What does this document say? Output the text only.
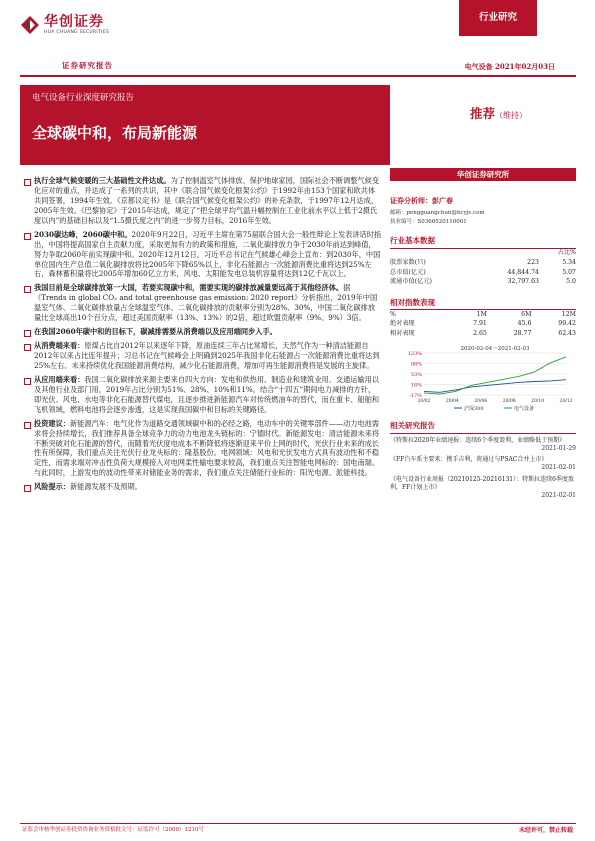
华创证券
HUA CHUANG SECURITIES
证券研究报告
行业研究
电气设备 2021年02月03日
电气设备行业深度研究报告
全球碳中和，布局新能源
推荐（维持）
执行全球气候变暖的三大基础性文件达成。为了控制温室气体排放、保护地球家园，国际社会不断调整气候变化应对的重点，并达成了一系列的共识，其中《联合国气候变化框架公约》于1992年由153个国家和欧共体共同签署，1994年生效。《京都议定书》是《联合国气候变化框架公约》的补充条款，于1997年12月达成，2005年生效。《巴黎协定》于2015年达成，规定了“把全球平均气温升幅控制在工业化前水平以上低于2摄氏度以内”的基础目标以及“1.5摄氏度之内”的进一步努力目标，2016年生效。
2030碳达峰，2060碳中和。2020年9月22日，习近平主席在第75届联合国大会一般性辩论上发表讲话时指出，中国将提高国家自主贡献力度，采取更加有力的政策和措施，二氧化碳排放力争于2030年前达到峰值，努力争取2060年前实现碳中和。2020年12月12日，习近平总书记在气候雄心峰会上宣布：到2030年，中国单位国内生产总值二氧化碳排放将比2005年下降65%以上，非化石能源占一次能源消费比重将达到25%左右，森林蓄积量将比2005年增加60亿立方米，风电、太阳能发电总装机容量将达到12亿千瓦以上。
我国目前是全球碳排放第一大国，若要实现碳中和，需要实现的碳排放减量要远高于其他经济体。据《Trends in global CO₂ and total greenhouse gas emission: 2020 report》分析指出，2019年中国温室气体、二氧化碳排放量占全球温室气体、二氧化碳排放的贡献率分别为28%、30%，中国二氧化碳排放量比全球高出10个百分点，超过美国贡献率（13%、13%）的2倍，超过欧盟贡献率（9%、9%）3倍。
在我国2060年碳中和的目标下，碳减排需要从消费端以及应用端同步入手。
从消费端来看：原煤占比自2012年以来逐年下降，原油连续三年占比常增长，天然气作为一种清洁能源自2012年以来占比连年提升；习总书记在气候峰会上明确到2025年我国非化石能源占一次能源消费比重将达到25%左右。未来持续优化我国能源消费结构，减少化石能源消费，增加可再生能源消费将是发展的主旋律。
从应用端来看：我国二氧化碳排放来源主要来自四大方向：发电和供热用、制造业和建筑业用、交通运输用以及其他行业及部门用，2019年占比分别为51%、28%、10%和11%。结合“十四五”期间电力减排的方针，即光伏、风电、水电等非化石能源替代煤电，且逐步推进新能源汽车对传统燃油车的替代，而在重卡、船舶和飞机领域，燃料电池将会逐步渗透，这是实现我国碳中和目标的关键路径。
投资建议：新能源汽车：电气化作为道路交通领域碳中和的必经之路，电动车中的关键零部件——动力电池需求将会持续增长，我们推荐具备全球竞争力的动力电池龙头链标的：宁德时代。新能源发电：清洁能源未来将不断突破对化石能源的替代，而随着光伏度电成本不断降低将逐渐迎来平价上网的时代，光伏行业未来的成长性有所保障，我们重点关注光伏行业龙头标的：隆基股份。电网领域：风电和光伏发电方式具有波动性和不稳定性，而需求端对冲击性负荷大规模接入对电网柔性输电要求较高，我们重点关注智能电网标的：国电南瑞。与此同时，上游发电的波动性带来对储能业务的需求，我们重点关注储能行业标的：阳光电源、派能科技。
风险提示：新能源发展不及预期。
华创证券研究所
证券分析师：彭广春
邮箱：pengguangchun@hcyjs.com
执业编号：S0360520110001
行业基本数据
		占比%
股票家数(只)	223	5.34
总市值(亿元)	44,844.74	5.07
流通市值(亿元)	32,797.63	5.0
相对指数表现
%	1M	6M	12M
绝对表现	7.91	45.6	99.42
相对表现	2.65	28.77	62.43
2020-02-04～2021-02-03
123%
88%
53%
18%
-17%
20/02	20/04	20/06	20/08	20/10	20/12
沪深300	电气设备
相关研究报告
《特斯拉2020年业绩速报：连续6个季度盈利，业绩略低于预期》
2021-01-29
《FF汽车系主要来：携手吉利，将通过与PSAC合并上市》
2021-02-01
《电气设备行业周报（20210125-20210131）：特斯拉连续6季度盈利，FF计划上市》
2021-02-01
证监会审核华创证券投资咨询业务资格批文号：证监许可（2009）1210号	未经许可，禁止转载
